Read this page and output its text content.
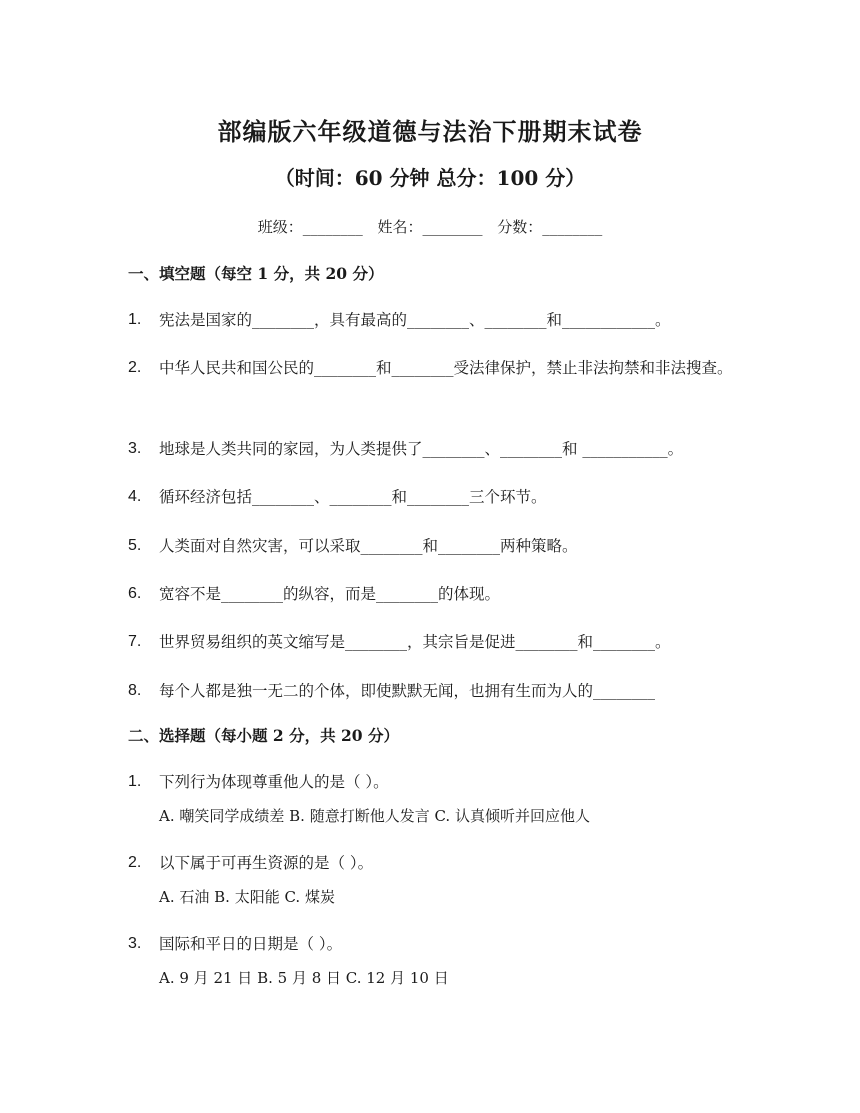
部编版六年级道德与法治下册期末试卷
（时间：60 分钟 总分：100 分）
班级：________ 姓名：________ 分数：________
一、填空题（每空 1 分，共 20 分）
1. 宪法是国家的________，具有最高的________、________和____________。
2. 中华人民共和国公民的________和________受法律保护，禁止非法拘禁和非法搜查。
3. 地球是人类共同的家园，为人类提供了________、________和 ___________。
4. 循环经济包括________、________和________三个环节。
5. 人类面对自然灾害，可以采取________和________两种策略。
6. 宽容不是________的纵容，而是________的体现。
7. 世界贸易组织的英文缩写是________，其宗旨是促进________和________。
8. 每个人都是独一无二的个体，即使默默无闻，也拥有生而为人的________
二、选择题（每小题 2 分，共 20 分）
1. 下列行为体现尊重他人的是（ ）。
A. 嘲笑同学成绩差 B. 随意打断他人发言 C. 认真倾听并回应他人
2. 以下属于可再生资源的是（ ）。
A. 石油 B. 太阳能 C. 煤炭
3. 国际和平日的日期是（ ）。
A. 9 月 21 日 B. 5 月 8 日 C. 12 月 10 日
